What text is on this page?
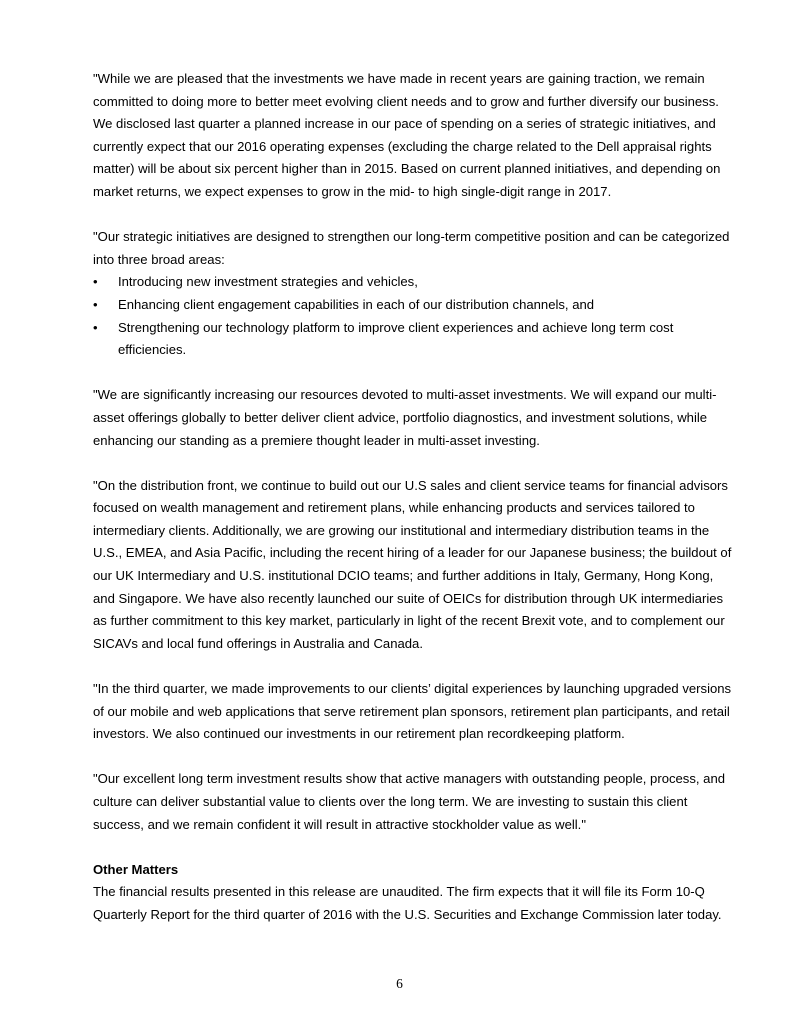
"While we are pleased that the investments we have made in recent years are gaining traction, we remain committed to doing more to better meet evolving client needs and to grow and further diversify our business. We disclosed last quarter a planned increase in our pace of spending on a series of strategic initiatives, and currently expect that our 2016 operating expenses (excluding the charge related to the Dell appraisal rights matter) will be about six percent higher than in 2015. Based on current planned initiatives, and depending on market returns, we expect expenses to grow in the mid- to high single-digit range in 2017.

"Our strategic initiatives are designed to strengthen our long-term competitive position and can be categorized into three broad areas:

• Introducing new investment strategies and vehicles,
• Enhancing client engagement capabilities in each of our distribution channels, and
• Strengthening our technology platform to improve client experiences and achieve long term cost efficiencies.

"We are significantly increasing our resources devoted to multi-asset investments. We will expand our multi-asset offerings globally to better deliver client advice, portfolio diagnostics, and investment solutions, while enhancing our standing as a premiere thought leader in multi-asset investing.

"On the distribution front, we continue to build out our U.S sales and client service teams for financial advisors focused on wealth management and retirement plans, while enhancing products and services tailored to intermediary clients. Additionally, we are growing our institutional and intermediary distribution teams in the U.S., EMEA, and Asia Pacific, including the recent hiring of a leader for our Japanese business; the buildout of our UK Intermediary and U.S. institutional DCIO teams; and further additions in Italy, Germany, Hong Kong, and Singapore. We have also recently launched our suite of OEICs for distribution through UK intermediaries as further commitment to this key market, particularly in light of the recent Brexit vote, and to complement our SICAVs and local fund offerings in Australia and Canada.

"In the third quarter, we made improvements to our clients’ digital experiences by launching upgraded versions of our mobile and web applications that serve retirement plan sponsors, retirement plan participants, and retail investors. We also continued our investments in our retirement plan recordkeeping platform.

"Our excellent long term investment results show that active managers with outstanding people, process, and culture can deliver substantial value to clients over the long term. We are investing to sustain this client success, and we remain confident it will result in attractive stockholder value as well."

Other Matters

The financial results presented in this release are unaudited. The firm expects that it will file its Form 10-Q Quarterly Report for the third quarter of 2016 with the U.S. Securities and Exchange Commission later today.

6
